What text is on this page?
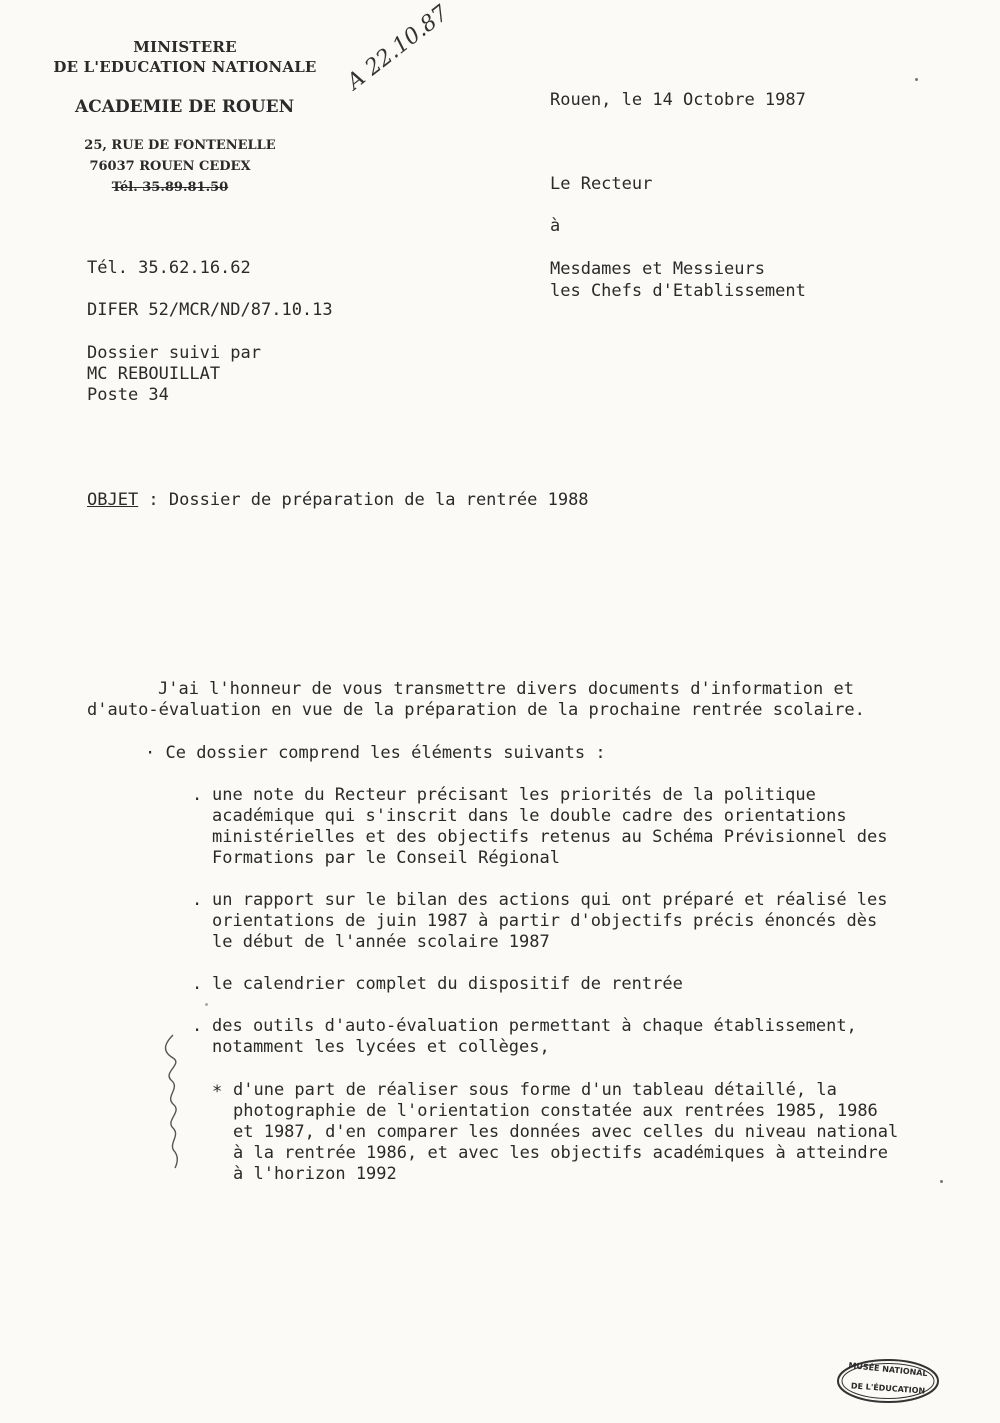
MINISTERE
DE L'EDUCATION NATIONALE
ACADEMIE DE ROUEN
25, RUE DE FONTENELLE
76037 ROUEN CEDEX
Tél. 35.89.81.50
A 22.10.87
Rouen, le 14 Octobre 1987
Le Recteur
à
Mesdames et Messieurs
les Chefs d'Etablissement
Tél. 35.62.16.62
DIFER 52/MCR/ND/87.10.13
Dossier suivi par
MC REBOUILLAT
Poste 34
OBJET : Dossier de préparation de la rentrée 1988
J'ai l'honneur de vous transmettre divers documents d'information et
d'auto-évaluation en vue de la préparation de la prochaine rentrée scolaire.
· Ce dossier comprend les éléments suivants :
. une note du Recteur précisant les priorités de la politique
académique qui s'inscrit dans le double cadre des orientations
ministérielles et des objectifs retenus au Schéma Prévisionnel des
Formations par le Conseil Régional
. un rapport sur le bilan des actions qui ont préparé et réalisé les
orientations de juin 1987 à partir d'objectifs précis énoncés dès
le début de l'année scolaire 1987
. le calendrier complet du dispositif de rentrée
. des outils d'auto-évaluation permettant à chaque établissement,
notamment les lycées et collèges,
* d'une part de réaliser sous forme d'un tableau détaillé, la
photographie de l'orientation constatée aux rentrées 1985, 1986
et 1987, d'en comparer les données avec celles du niveau national
à la rentrée 1986, et avec les objectifs académiques à atteindre
à l'horizon 1992
MUSÉE NATIONAL
DE L'ÉDUCATION
